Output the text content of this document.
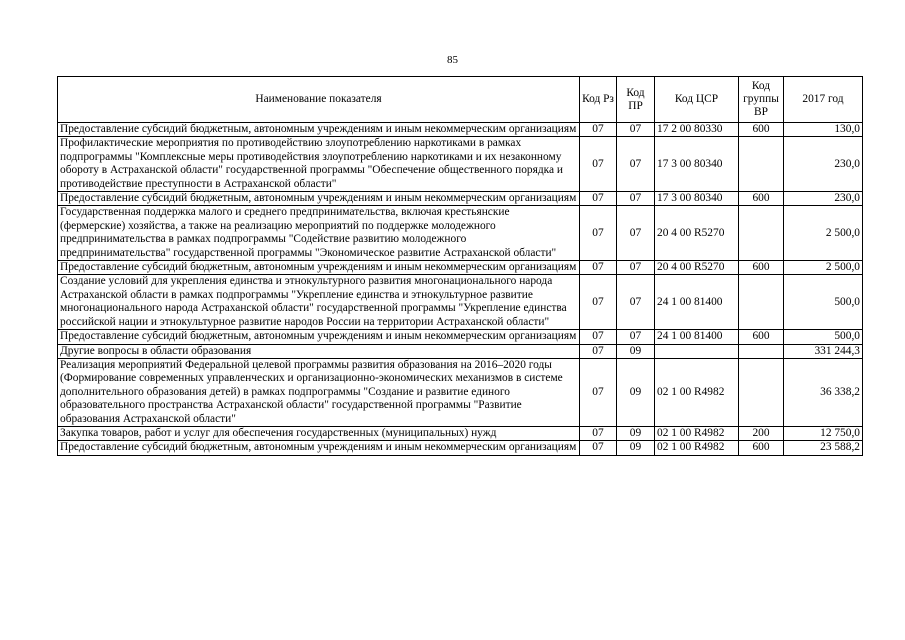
85
Наименование показателя	Код Рз	Код ПР	Код ЦСР	Код группы ВР	2017 год
Предоставление субсидий бюджетным, автономным учреждениям и иным некоммерческим организациям	07	07	17 2 00 80330	600	130,0
Профилактические мероприятия по противодействию злоупотреблению наркотиками в рамках подпрограммы "Комплексные меры противодействия злоупотреблению наркотиками и их незаконному обороту в Астраханской области" государственной программы "Обеспечение общественного порядка и противодействие преступности в Астраханской области"	07	07	17 3 00 80340		230,0
Предоставление субсидий бюджетным, автономным учреждениям и иным некоммерческим организациям	07	07	17 3 00 80340	600	230,0
Государственная поддержка малого и среднего предпринимательства, включая крестьянские (фермерские) хозяйства, а также на реализацию мероприятий по поддержке молодежного предпринимательства в рамках подпрограммы "Содействие развитию молодежного предпринимательства" государственной программы "Экономическое развитие Астраханской области"	07	07	20 4 00 R5270		2 500,0
Предоставление субсидий бюджетным, автономным учреждениям и иным некоммерческим организациям	07	07	20 4 00 R5270	600	2 500,0
Создание условий для укрепления единства и этнокультурного развития многонационального народа Астраханской области в рамках подпрограммы "Укрепление единства и этнокультурное развитие многонационального народа Астраханской области" государственной программы "Укрепление единства российской нации и этнокультурное развитие народов России на территории Астраханской области"	07	07	24 1 00 81400		500,0
Предоставление субсидий бюджетным, автономным учреждениям и иным некоммерческим организациям	07	07	24 1 00 81400	600	500,0
Другие вопросы в области образования	07	09			331 244,3
Реализация мероприятий Федеральной целевой программы развития образования на 2016–2020 годы (Формирование современных управленческих и организационно-экономических механизмов в системе дополнительного образования детей) в рамках подпрограммы "Создание и развитие единого образовательного пространства Астраханской области" государственной программы "Развитие образования Астраханской области"	07	09	02 1 00 R4982		36 338,2
Закупка товаров, работ и услуг для обеспечения государственных (муниципальных) нужд	07	09	02 1 00 R4982	200	12 750,0
Предоставление субсидий бюджетным, автономным учреждениям и иным некоммерческим организациям	07	09	02 1 00 R4982	600	23 588,2
